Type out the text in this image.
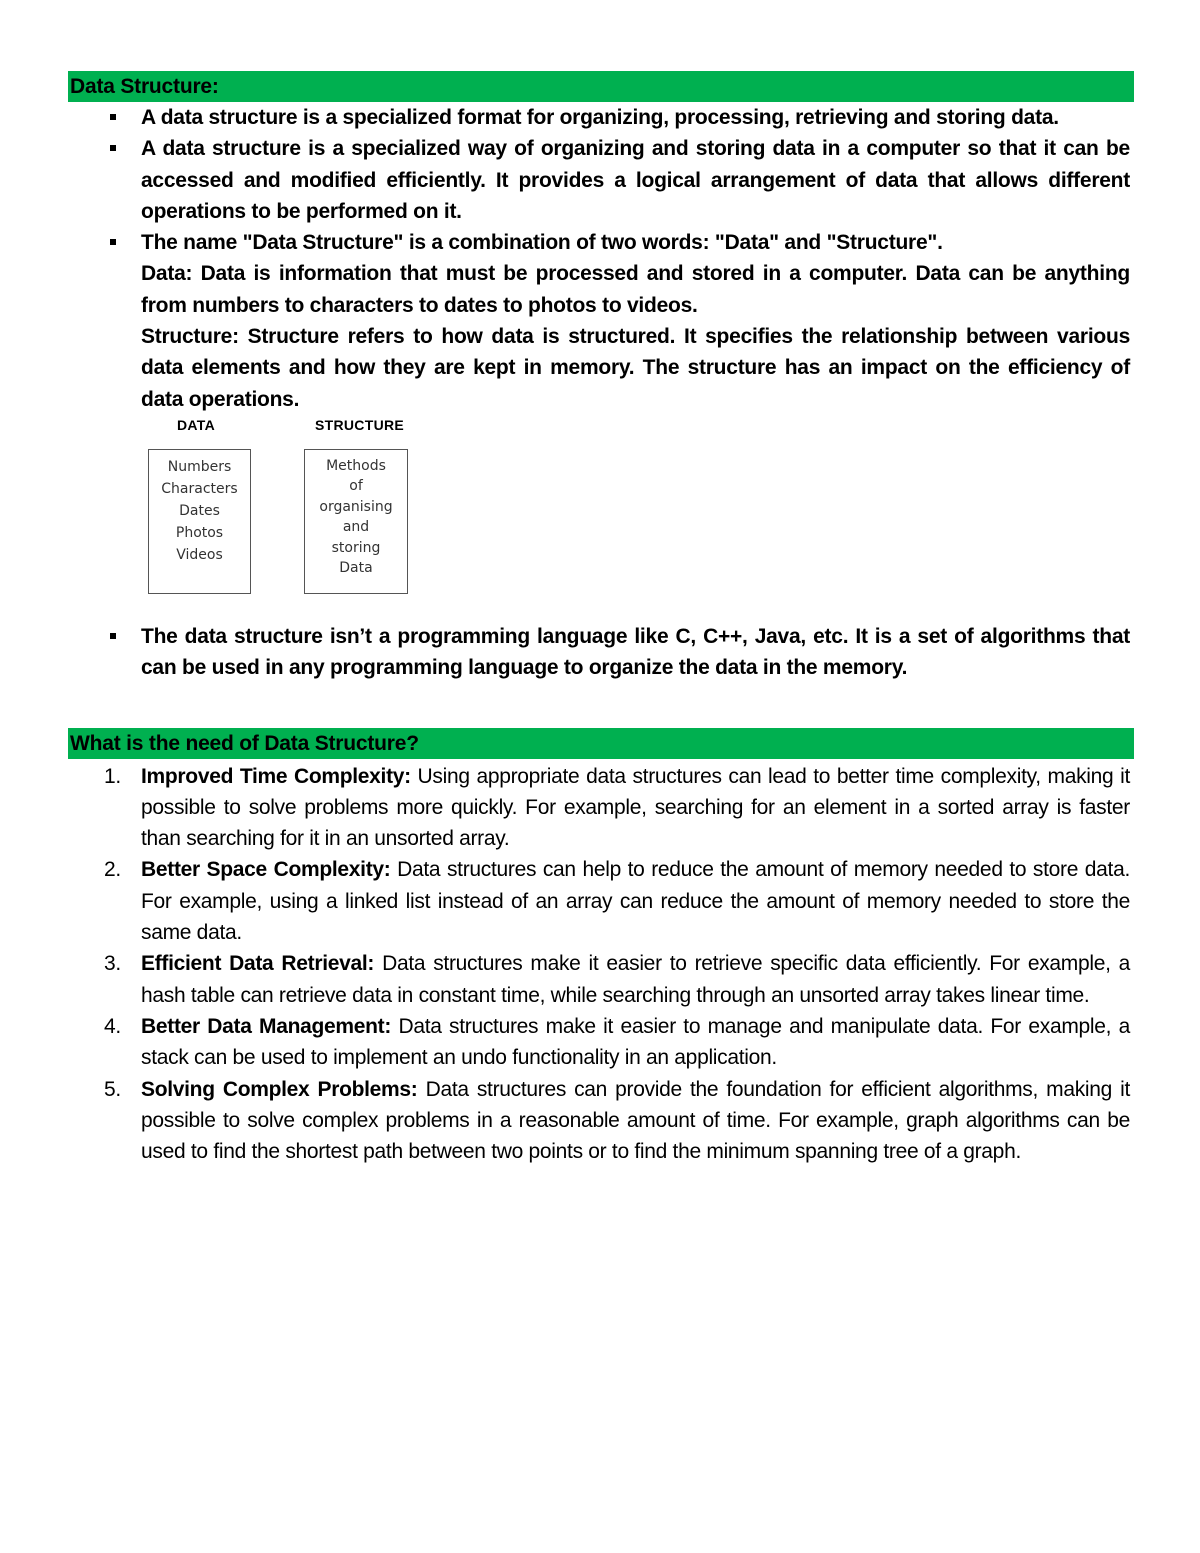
Data Structure:
A data structure is a specialized format for organizing, processing, retrieving and storing data.
A data structure is a specialized way of organizing and storing data in a computer so that it can be accessed and modified efficiently. It provides a logical arrangement of data that allows different operations to be performed on it.
The name "Data Structure" is a combination of two words: "Data" and "Structure".
Data: Data is information that must be processed and stored in a computer. Data can be anything from numbers to characters to dates to photos to videos.
Structure: Structure refers to how data is structured. It specifies the relationship between various data elements and how they are kept in memory. The structure has an impact on the efficiency of data operations.
DATA	STRUCTURE
Numbers
Characters
Dates
Photos
Videos
Methods
of
organising
and
storing
Data
The data structure isn’t a programming language like C, C++, Java, etc. It is a set of algorithms that can be used in any programming language to organize the data in the memory.
What is the need of Data Structure?
1. Improved Time Complexity: Using appropriate data structures can lead to better time complexity, making it possible to solve problems more quickly. For example, searching for an element in a sorted array is faster than searching for it in an unsorted array.
2. Better Space Complexity: Data structures can help to reduce the amount of memory needed to store data. For example, using a linked list instead of an array can reduce the amount of memory needed to store the same data.
3. Efficient Data Retrieval: Data structures make it easier to retrieve specific data efficiently. For example, a hash table can retrieve data in constant time, while searching through an unsorted array takes linear time.
4. Better Data Management: Data structures make it easier to manage and manipulate data. For example, a stack can be used to implement an undo functionality in an application.
5. Solving Complex Problems: Data structures can provide the foundation for efficient algorithms, making it possible to solve complex problems in a reasonable amount of time. For example, graph algorithms can be used to find the shortest path between two points or to find the minimum spanning tree of a graph.
